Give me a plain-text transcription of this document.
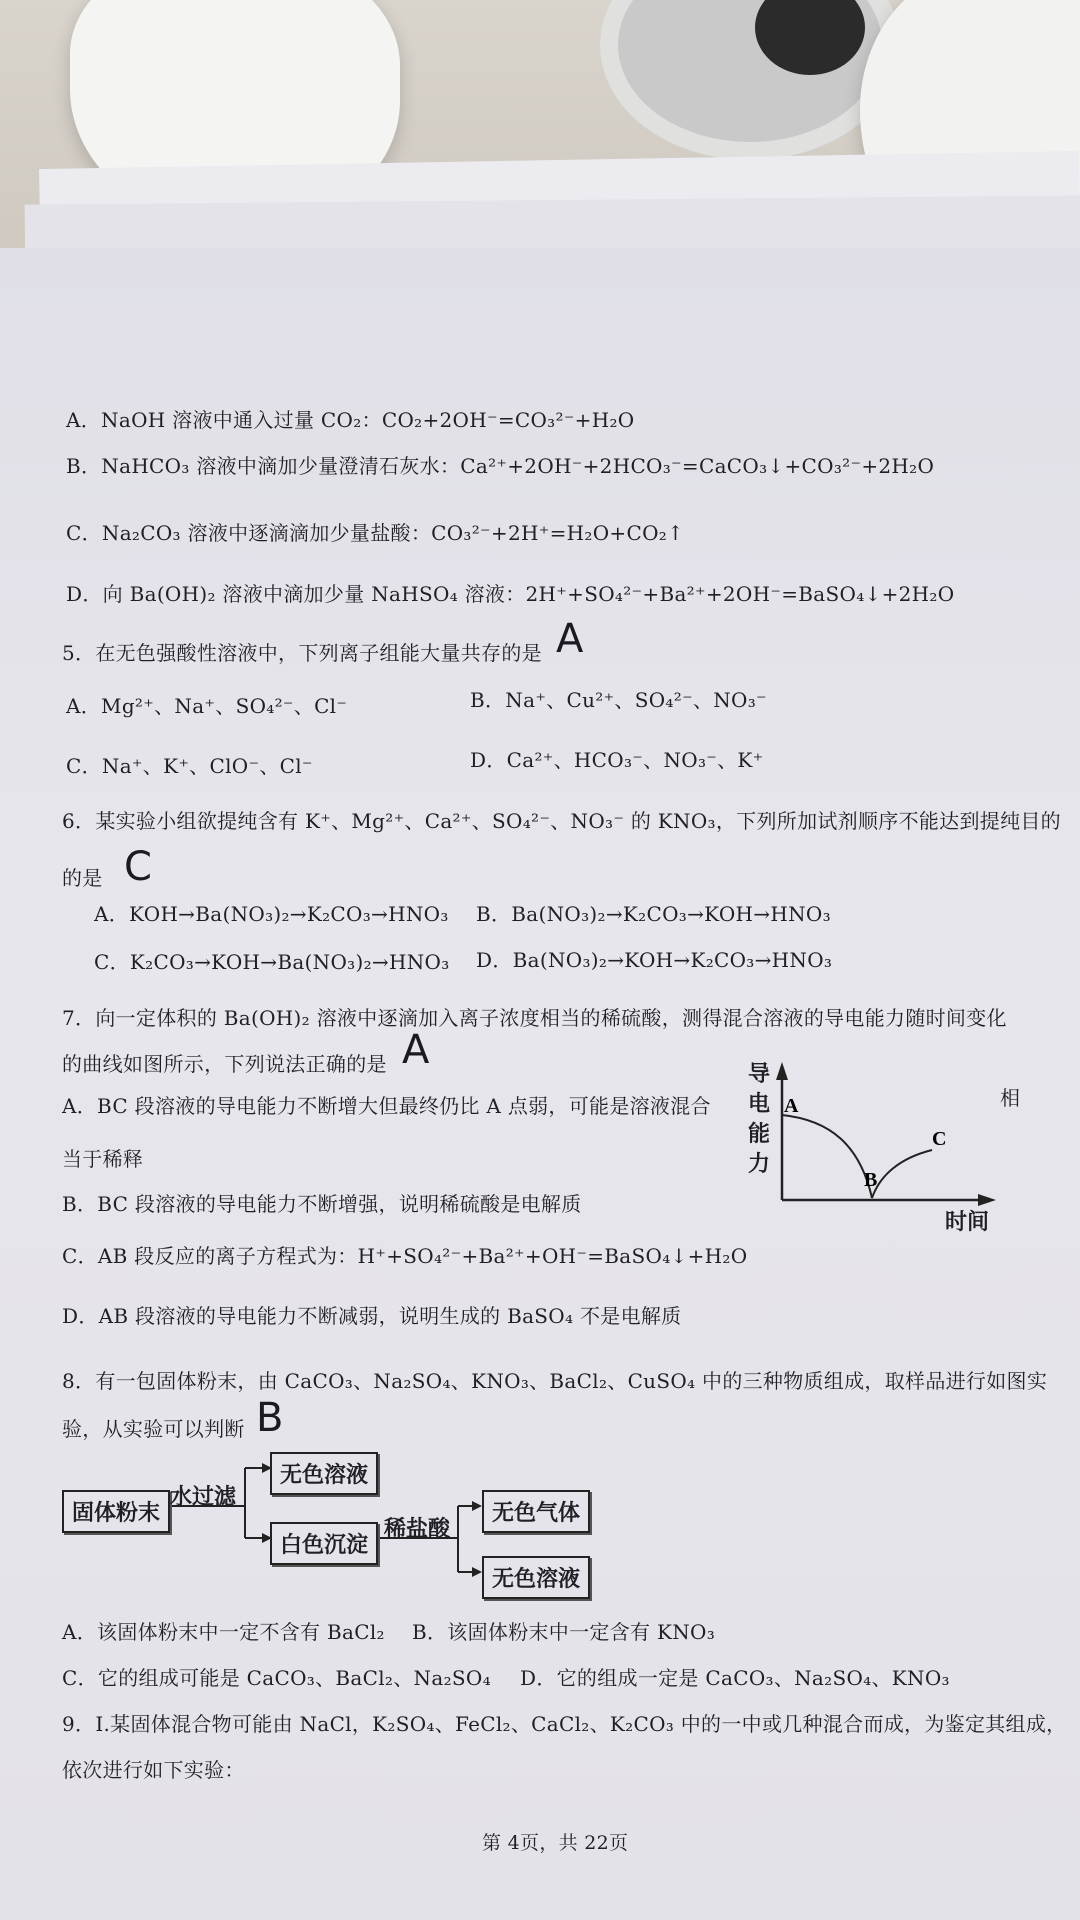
A．NaOH 溶液中通入过量 CO₂：CO₂+2OH⁻=CO₃²⁻+H₂O
B．NaHCO₃ 溶液中滴加少量澄清石灰水：Ca²⁺+2OH⁻+2HCO₃⁻=CaCO₃↓+CO₃²⁻+2H₂O
C．Na₂CO₃ 溶液中逐滴滴加少量盐酸：CO₃²⁻+2H⁺=H₂O+CO₂↑
D．向 Ba(OH)₂ 溶液中滴加少量 NaHSO₄ 溶液：2H⁺+SO₄²⁻+Ba²⁺+2OH⁻=BaSO₄↓+2H₂O
5．在无色强酸性溶液中，下列离子组能大量共存的是 A
A．Mg²⁺、Na⁺、SO₄²⁻、Cl⁻	B．Na⁺、Cu²⁺、SO₄²⁻、NO₃⁻
C．Na⁺、K⁺、ClO⁻、Cl⁻	D．Ca²⁺、HCO₃⁻、NO₃⁻、K⁺
6．某实验小组欲提纯含有 K⁺、Mg²⁺、Ca²⁺、SO₄²⁻、NO₃⁻ 的 KNO₃，下列所加试剂顺序不能达到提纯目的
的是 C
A．KOH→Ba(NO₃)₂→K₂CO₃→HNO₃ B．Ba(NO₃)₂→K₂CO₃→KOH→HNO₃
C．K₂CO₃→KOH→Ba(NO₃)₂→HNO₃ D．Ba(NO₃)₂→KOH→K₂CO₃→HNO₃
7．向一定体积的 Ba(OH)₂ 溶液中逐滴加入离子浓度相当的稀硫酸，测得混合溶液的导电能力随时间变化
的曲线如图所示，下列说法正确的是 A
A．BC 段溶液的导电能力不断增大但最终仍比 A 点弱，可能是溶液混合	相
当于稀释
B．BC 段溶液的导电能力不断增强，说明稀硫酸是电解质
C．AB 段反应的离子方程式为：H⁺+SO₄²⁻+Ba²⁺+OH⁻=BaSO₄↓+H₂O
D．AB 段溶液的导电能力不断减弱，说明生成的 BaSO₄ 不是电解质
导电能力
时间
A
B
C
8．有一包固体粉末，由 CaCO₃、Na₂SO₄、KNO₃、BaCl₂、CuSO₄ 中的三种物质组成，取样品进行如图实
验，从实验可以判断 B
固体粉末
水过滤
无色溶液
白色沉淀
稀盐酸
无色气体
无色溶液
A．该固体粉末中一定不含有 BaCl₂ B．该固体粉末中一定含有 KNO₃
C．它的组成可能是 CaCO₃、BaCl₂、Na₂SO₄ D．它的组成一定是 CaCO₃、Na₂SO₄、KNO₃
9．I.某固体混合物可能由 NaCl，K₂SO₄、FeCl₂、CaCl₂、K₂CO₃ 中的一中或几种混合而成，为鉴定其组成，
依次进行如下实验：
第 4页，共 22页
